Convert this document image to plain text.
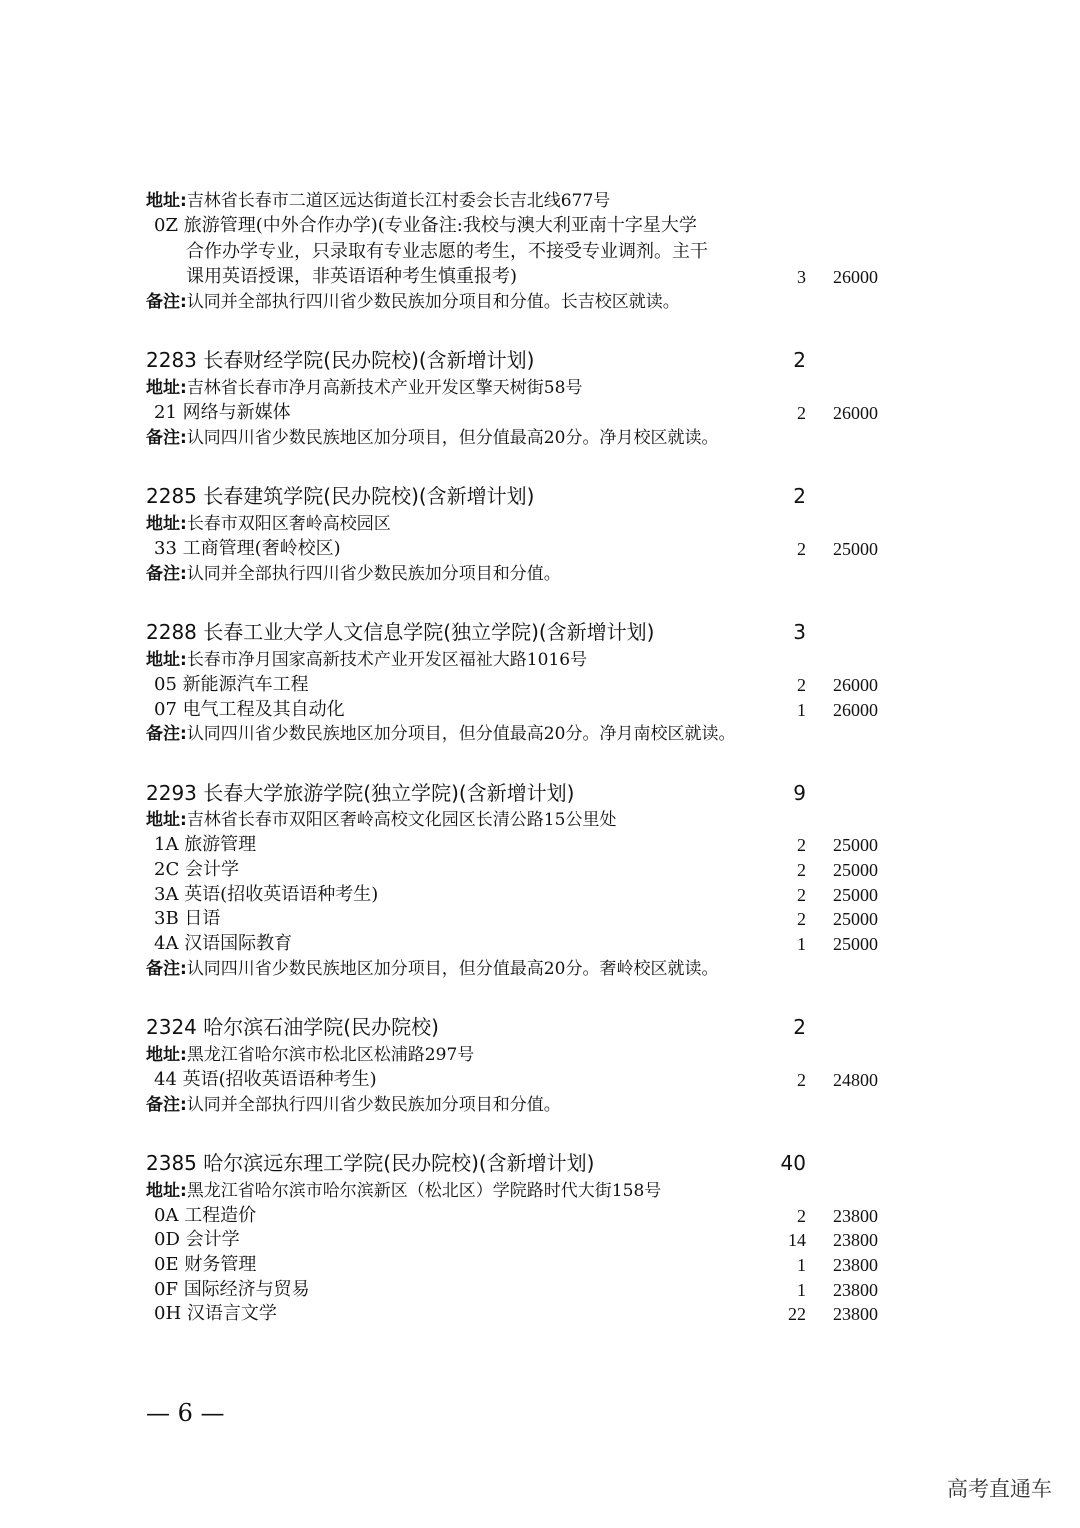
地址:吉林省长春市二道区远达街道长江村委会长吉北线677号
0Z 旅游管理(中外合作办学)(专业备注:我校与澳大利亚南十字星大学
合作办学专业，只录取有专业志愿的考生，不接受专业调剂。主干
课用英语授课，非英语语种考生慎重报考)	3 26000
备注:认同并全部执行四川省少数民族加分项目和分值。长吉校区就读。
2283 长春财经学院(民办院校)(含新增计划)	2
地址:吉林省长春市净月高新技术产业开发区擎天树街58号
21 网络与新媒体	2 26000
备注:认同四川省少数民族地区加分项目，但分值最高20分。净月校区就读。
2285 长春建筑学院(民办院校)(含新增计划)	2
地址:长春市双阳区奢岭高校园区
33 工商管理(奢岭校区)	2 25000
备注:认同并全部执行四川省少数民族加分项目和分值。
2288 长春工业大学人文信息学院(独立学院)(含新增计划)	3
地址:长春市净月国家高新技术产业开发区福祉大路1016号
05 新能源汽车工程	2 26000
07 电气工程及其自动化	1 26000
备注:认同四川省少数民族地区加分项目，但分值最高20分。净月南校区就读。
2293 长春大学旅游学院(独立学院)(含新增计划)	9
地址:吉林省长春市双阳区奢岭高校文化园区长清公路15公里处
1A 旅游管理	2 25000
2C 会计学	2 25000
3A 英语(招收英语语种考生)	2 25000
3B 日语	2 25000
4A 汉语国际教育	1 25000
备注:认同四川省少数民族地区加分项目，但分值最高20分。奢岭校区就读。
2324 哈尔滨石油学院(民办院校)	2
地址:黑龙江省哈尔滨市松北区松浦路297号
44 英语(招收英语语种考生)	2 24800
备注:认同并全部执行四川省少数民族加分项目和分值。
2385 哈尔滨远东理工学院(民办院校)(含新增计划)	40
地址:黑龙江省哈尔滨市哈尔滨新区（松北区）学院路时代大街158号
0A 工程造价	2 23800
0D 会计学	14 23800
0E 财务管理	1 23800
0F 国际经济与贸易	1 23800
0H 汉语言文学	22 23800
— 6 —
高考直通车
